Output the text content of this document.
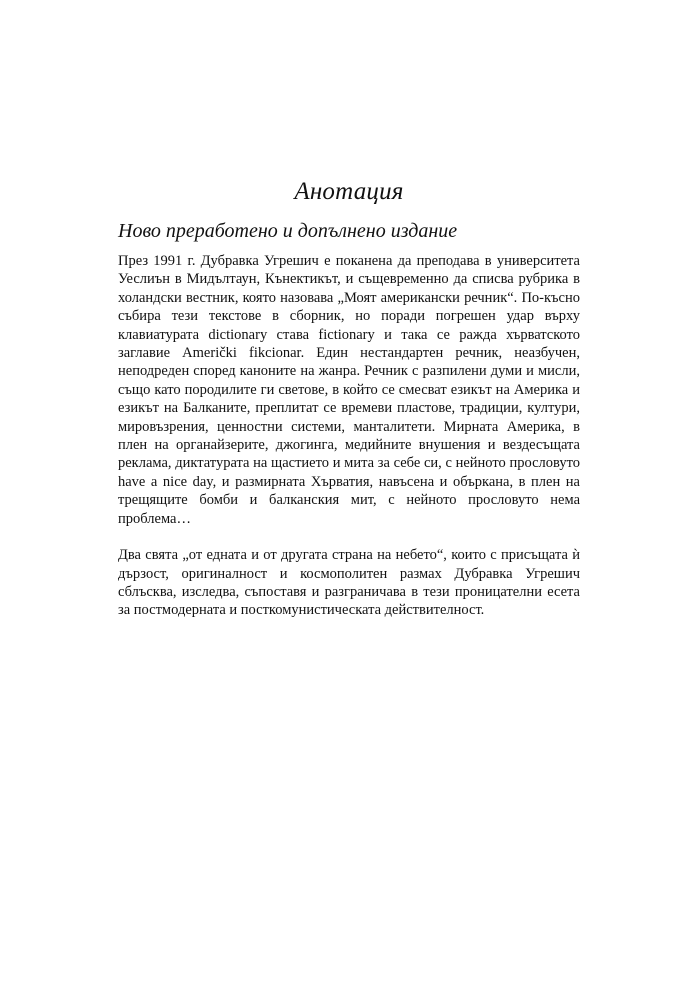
Анотация
Ново преработено и допълнено издание

През 1991 г. Дубравка Угрешич е поканена да преподава в университета Уеслиън в Мидълтаун, Кънектикът, и същевременно да списва рубрика в холандски вестник, която назовава „Моят американски речник“. По-късно събира тези текстове в сборник, но поради погрешен удар върху клавиатурата dictionary става fictionary и така се ражда хърватското заглавие Američki fikcionar. Един нестандартен речник, неазбучен, неподреден според каноните на жанра. Речник с разпилени думи и мисли, също като породилите ги светове, в който се смесват езикът на Америка и езикът на Балканите, преплитат се времеви пластове, традиции, култури, мировъзрения, ценностни системи, манталитети. Мирната Америка, в плен на органайзерите, джогинга, медийните внушения и вездесъщата реклама, диктатурата на щастието и мита за себе си, с нейното прословуто have a nice day, и размирната Хърватия, навъсена и объркана, в плен на трещящите бомби и балканския мит, с нейното прословуто нема проблема…

Два свята „от едната и от другата страна на небето“, които с присъщата ѝ дързост, оригиналност и космополитен размах Дубравка Угрешич сблъсква, изследва, съпоставя и разграничава в тези проницателни есета за постмодерната и посткомунистическата действителност.
